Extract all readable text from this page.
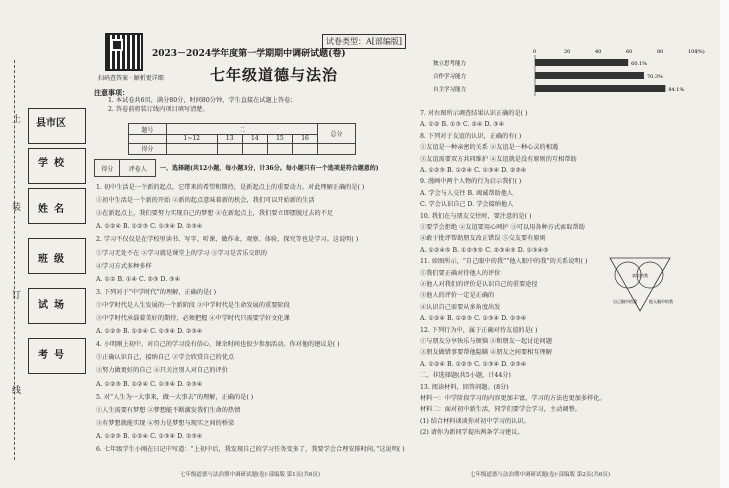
上
装
订
线
县市区
学校
姓名
班级
试场
考号
扫码查答案 · 解析更详细
试卷类型：A[部编版]
2023－2024学年度第一学期期中调研试题(卷)
七年级道德与法治
注意事项：
1. 本试卷共6页，满分80分，时间80分钟，学生直接在试题上答卷；
2. 答卷前将装订线内项目填写清楚。
题号	二					总分
	1~12	13	14	15	16	
得分						
得分	评卷人 一、选择题(共12小题，每小题3分，计36分。每小题只有一个选项是符合题意的)
1. 初中生活是一个新的起点，它带来的希望和期待，是新起点上的重要动力。对此理解正确的是( )
①初中生活是一个新的开始 ②新的起点意味着新的机会，我们可以开始新的生活
③在新起点上，我们要努力实现自己的梦想 ④在新起点上，我们要立即摆脱过去的不足
A. ①②④ B. ①②③ C. ①③④ D. ②③④
2. 学习不仅仅是在学校里读书、写字、听课、做作业，观察、体验、探究等也是学习。这说明( )
①学习无处不在 ②学习就是课堂上的学习 ③学习是苦乐交织的
④学习方式多种多样
A. ①② B. ①④ C. ②③ D. ③④
3. 下列对于“中学时代”的理解，正确的是( )
①中学时代是人生发展的一个新阶段 ②中学时代是生命发展的重要阶段
③中学时代承载着美好的期待，必须把握 ④中学时代只需要学好文化课
A. ①②③ B. ①②④ C. ①③④ D. ②③④
4. 小明刚上初中，对自己的学习没有信心，课余时间也很少参加活动。你对他的建议是( )
①正确认识自己，接纳自己 ②学会欣赏自己的优点
③努力做更好的自己 ④只关注别人对自己的评价
A. ①②③ B. ①②④ C. ①③④ D. ②③④
5. 对“人生为一大事来，做一大事去”的理解，正确的是( )
①人生需要有梦想 ②梦想能不断激发我们生命的热情
③有梦想就能实现 ④努力是梦想与现实之间的桥梁
A. ①②③ B. ①②④ C. ①③④ D. ②③④
6. 七年级学生小刚在日记中写道：“上初中后，我发现自己的学习任务变多了，我要学会合理安排时间。”这说明( )
七年级道德与法治期中调研试题(卷)·部编版 第1页(共6页)
0	20	40	60	80	100
(%)
独立思考能力	60.1%
合作学习能力	70.3%
自主学习能力	84.1%
7. 对右图所示调查结果认识正确的是( )
A. ①② B. ①③ C. ②④ D. ③④
8. 下列对于友谊的认识，正确的有( )
①友谊是一种亲密的关系 ②友谊是一种心灵的相遇
③友谊需要双方共同维护 ④友谊就是没有原则的互相帮助
A. ①②③ B. ①②④ C. ①③④ D. ②③④
9. 漫画中两个人物的行为启示我们( )
A. 学会与人交往 B. 竭诚帮助他人
C. 学会认识自己 D. 学会接纳他人
10. 我们在与朋友交往时，要注意的是( )
①要学会拒绝 ②友谊要用心呵护 ③可以用各种方式索取帮助
④敢于批评帮助朋友改正错误 ⑤交友要有原则
A. ①②④⑤ B. ①②③⑤ C. ②③④⑤ D. ①③④⑤
11. 如图所示，“自己眼中的我”“他人眼中的我”的关系说明( )
①我们要正确对待他人的评价
②他人对我们的评价是认识自己的重要途径
③他人的评价一定是正确的
④认识自己需要从多角度出发
A. ①②④ B. ①②③ C. ①③④ D. ②③④
12. 下列行为中，属于正确对待友谊的是( )
①与朋友分享快乐与烦恼 ②和朋友一起讨论问题
③朋友做错事要帮他隐瞒 ④朋友之间要相互理解
A. ①②④ B. ①②③ C. ①③④ D. ②③④
二、非选择题(共5小题，计44分)
13. 阅读材料，回答问题。(8分)
材料一：中学阶段学习的内容更加丰富，学习的方法也更加多样化。
材料二：面对初中新生活，同学们要学会学习，主动调整。
(1) 结合材料谈谈你对初中学习的认识。
(2) 请你为新同学提出两条学习建议。
自己眼中的我	他人眼中的我
真实的我
七年级道德与法治期中调研试题(卷)·部编版 第2页(共6页)
